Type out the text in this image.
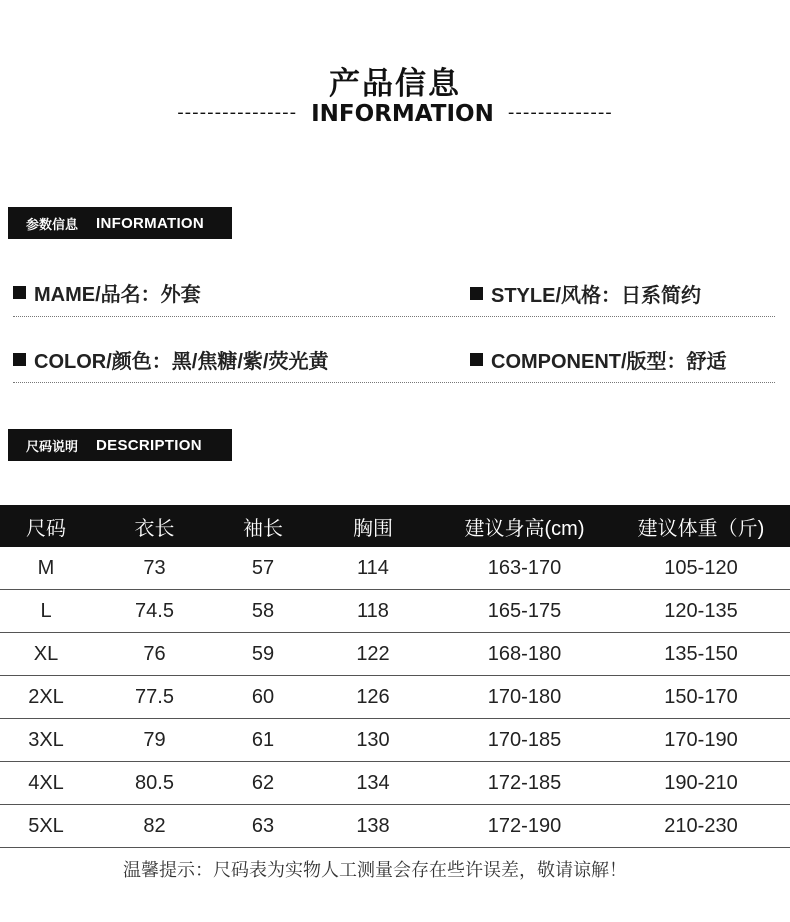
产品信息
---------------- INFORMATION --------------
参数信息 INFORMATION
MAME/品名：外套	STYLE/风格：日系简约
COLOR/颜色：黑/焦糖/紫/荧光黄	COMPONENT/版型：舒适
尺码说明 DESCRIPTION
尺码	衣长	袖长	胸围	建议身高(cm)	建议体重（斤)
M	73	57	114	163-170	105-120
L	74.5	58	118	165-175	120-135
XL	76	59	122	168-180	135-150
2XL	77.5	60	126	170-180	150-170
3XL	79	61	130	170-185	170-190
4XL	80.5	62	134	172-185	190-210
5XL	82	63	138	172-190	210-230
温馨提示：尺码表为实物人工测量会存在些许误差，敬请谅解！
